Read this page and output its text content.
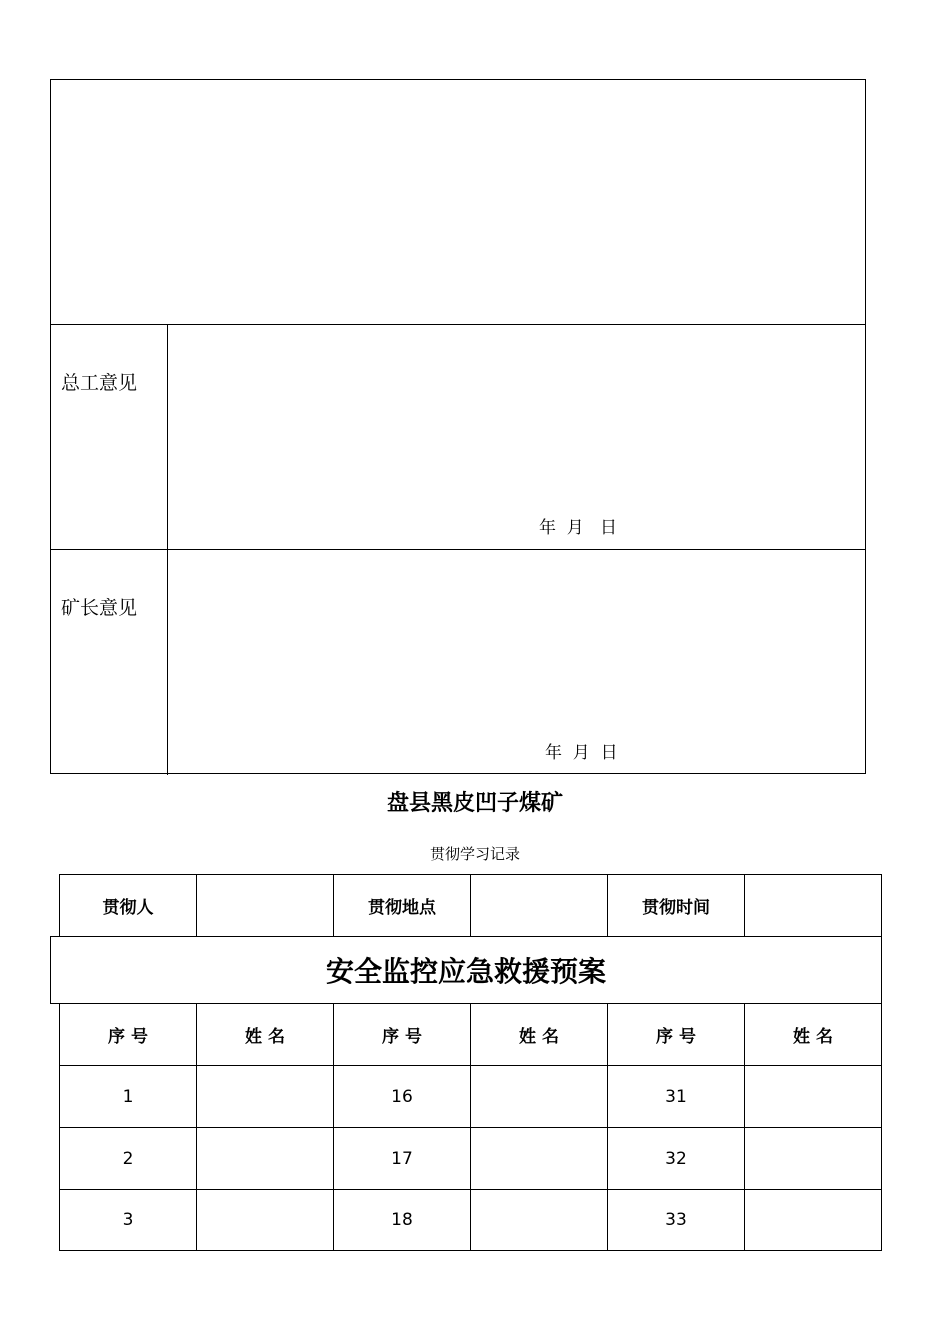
总工意见
年  月   日
矿长意见
年  月  日
盘县黑皮凹子煤矿
贯彻学习记录
贯彻人	贯彻地点	贯彻时间
序 号	姓 名	序 号	姓 名	序 号	姓 名
1	16	31
2	17	32
3	18	33
安全监控应急救援预案
